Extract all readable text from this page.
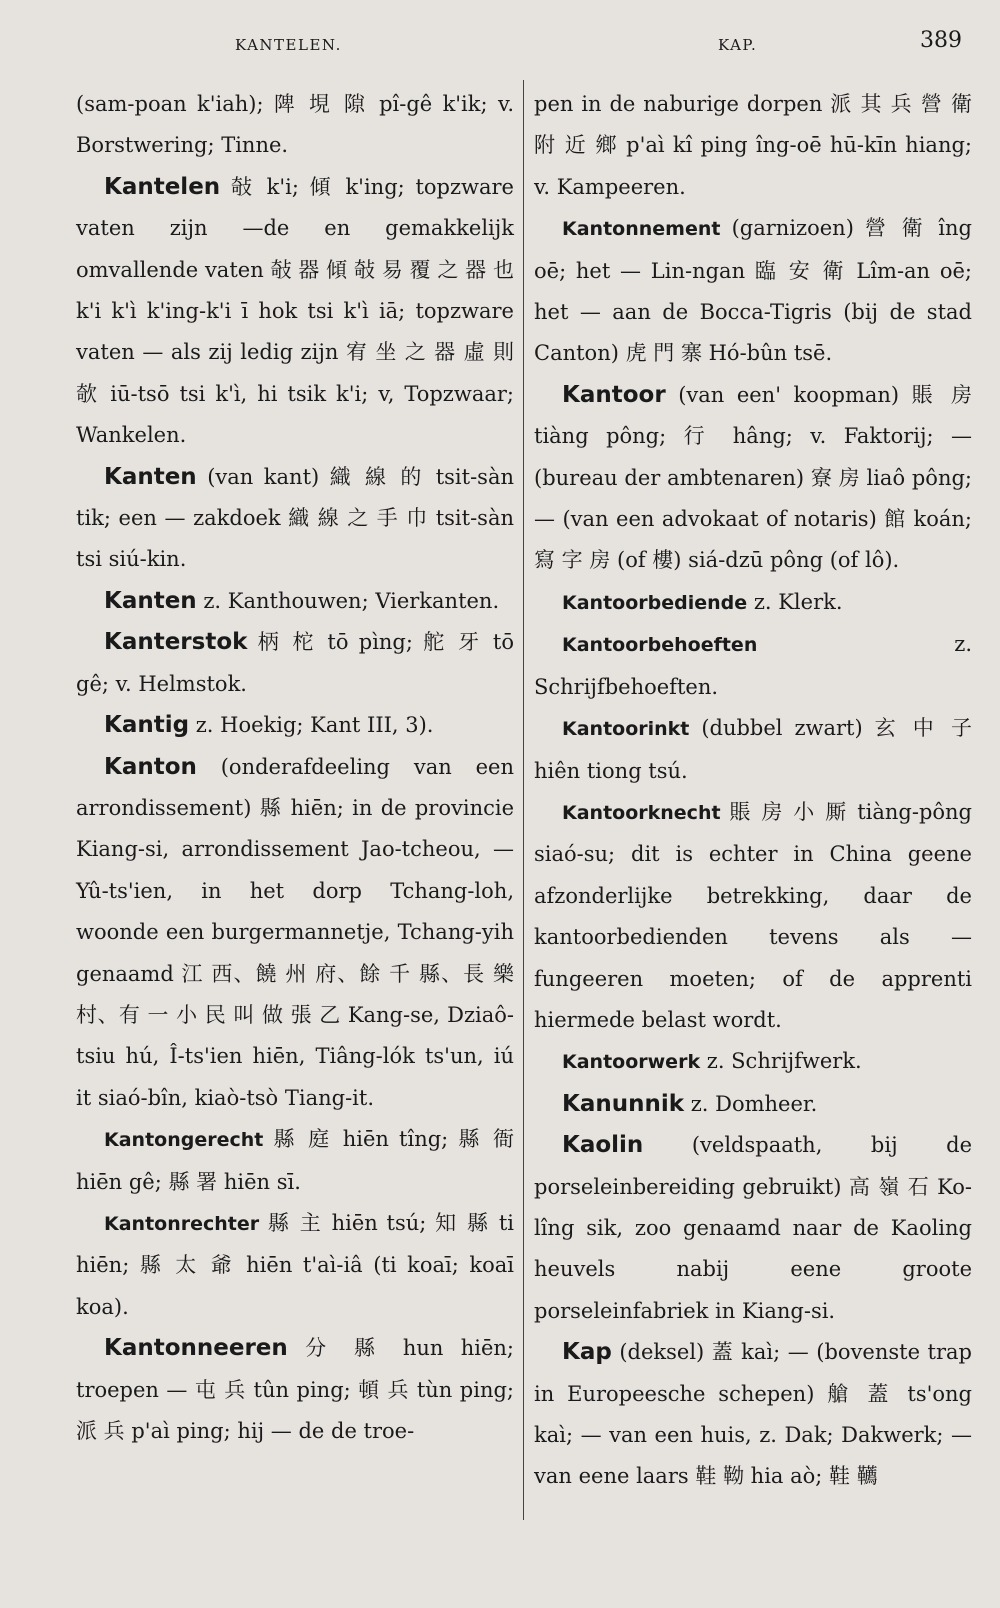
KANTELEN.	KAP.	389

(sam-poan k'iah); 陴 垷 隙 pî-gê k'ik; v. Borstwering; Tinne.

Kantelen 敧 k'i; 傾 k'ing; topzware vaten zijn —de en gemakkelijk omvallende vaten 敧 器 傾 敧 易 覆 之 器 也 k'i k'ì k'ing-k'i ī hok tsi k'ì iā; topzware vaten — als zij ledig zijn 宥 坐 之 器 虛 則 欹 iū-tsō tsi k'ì, hi tsik k'i; v, Topzwaar; Wankelen.

Kanten (van kant) 織 線 的 tsit-sàn tik; een — zakdoek 織 線 之 手 巾 tsit-sàn tsi siú-kin.

Kanten z. Kanthouwen; Vierkanten.

Kanterstok 柄 柁 tō pìng; 舵 牙 tō gê; v. Helmstok.

Kantig z. Hoekig; Kant III, 3).

Kanton (onderafdeeling van een arrondissement) 縣 hiēn; in de provincie Kiang-si, arrondissement Jao-tcheou, — Yû-ts'ien, in het dorp Tchang-loh, woonde een burgermannetje, Tchang-yih genaamd 江 西、饒 州 府、餘 千 縣、長 樂 村、有 一 小 民 叫 做 張 乙 Kang-se, Dziaô-tsiu hú, Î-ts'ien hiēn, Tiâng-lók ts'un, iú it siaó-bîn, kiaò-tsò Tiang-it.

Kantongerecht 縣 庭 hiēn tîng; 縣 衙 hiēn gê; 縣 署 hiēn sī.

Kantonrechter 縣 主 hiēn tsú; 知 縣 ti hiēn; 縣 太 爺 hiēn t'aì-iâ (ti koaī; koaī koa).

Kantonneeren 分 縣 hun hiēn; troepen — 屯 兵 tûn ping; 頓 兵 tùn ping; 派 兵 p'aì ping; hij — de de troe-

pen in de naburige dorpen 派 其 兵 營 衛 附 近 鄉 p'aì kî ping îng-oē hū-kīn hiang; v. Kampeeren.

Kantonnement (garnizoen) 營 衛 îng oē; het — Lin-ngan 臨 安 衛 Lîm-an oē; het — aan de Bocca-Tigris (bij de stad Canton) 虎 門 寨 Hó-bûn tsē.

Kantoor (van een' koopman) 賬 房 tiàng pông; 行 hâng; v. Faktorij; — (bureau der ambtenaren) 寮 房 liaô pông; — (van een advokaat of notaris) 館 koán; 寫 字 房 (of 樓) siá-dzū pông (of lô).

Kantoorbediende z. Klerk.

Kantoorbehoeften z. Schrijfbehoeften.

Kantoorinkt (dubbel zwart) 玄 中 子 hiên tiong tsú.

Kantoorknecht 賬 房 小 厮 tiàng-pông siaó-su; dit is echter in China geene afzonderlijke betrekking, daar de kantoorbedienden tevens als — fungeeren moeten; of de apprenti hiermede belast wordt.

Kantoorwerk z. Schrijfwerk.

Kanunnik z. Domheer.

Kaolin (veldspaath, bij de porseleinbereiding gebruikt) 高 嶺 石 Ko-lîng sik, zoo genaamd naar de Kaoling heuvels nabij eene groote porseleinfabriek in Kiang-si.

Kap (deksel) 蓋 kaì; — (bovenste trap in Europeesche schepen) 艙 蓋 ts'ong kaì; — van een huis, z. Dak; Dakwerk; — van eene laars 鞋 靿 hia aò; 鞋 韉
